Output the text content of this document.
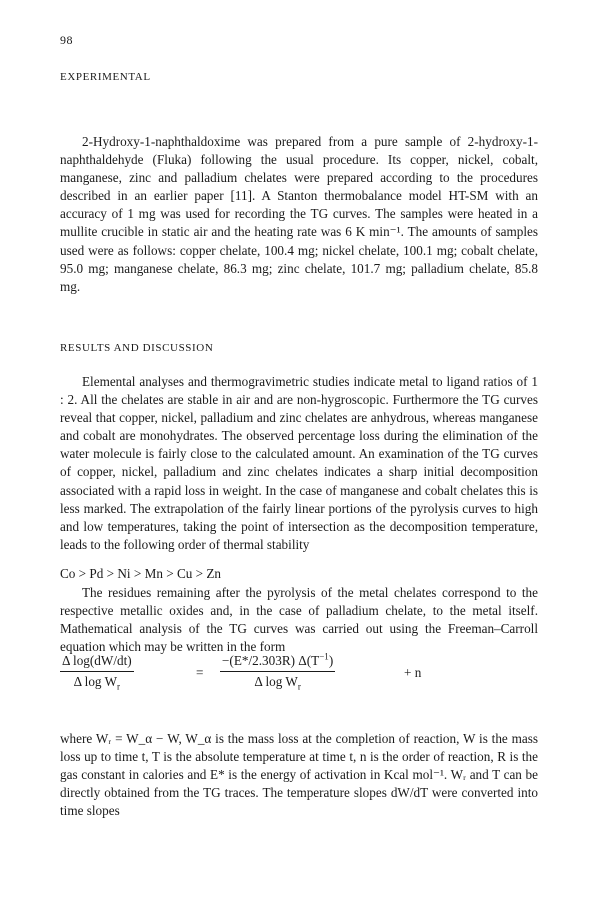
98
EXPERIMENTAL

2-Hydroxy-1-naphthaldoxime was prepared from a pure sample of 2-hydroxy-1-naphthaldehyde (Fluka) following the usual procedure. Its copper, nickel, cobalt, manganese, zinc and palladium chelates were prepared according to the procedures described in an earlier paper [11]. A Stanton thermobalance model HT-SM with an accuracy of 1 mg was used for recording the TG curves. The samples were heated in a mullite crucible in static air and the heating rate was 6 K min⁻¹. The amounts of samples used were as follows: copper chelate, 100.4 mg; nickel chelate, 100.1 mg; cobalt chelate, 95.0 mg; manganese chelate, 86.3 mg; zinc chelate, 101.7 mg; palladium chelate, 85.8 mg.

RESULTS AND DISCUSSION

Elemental analyses and thermogravimetric studies indicate metal to ligand ratios of 1 : 2. All the chelates are stable in air and are non-hygroscopic. Furthermore the TG curves reveal that copper, nickel, palladium and zinc chelates are anhydrous, whereas manganese and cobalt are monohydrates. The observed percentage loss during the elimination of the water molecule is fairly close to the calculated amount. An examination of the TG curves of copper, nickel, palladium and zinc chelates indicates a sharp initial decomposition associated with a rapid loss in weight. In the case of manganese and cobalt chelates this is less marked. The extrapolation of the fairly linear portions of the pyrolysis curves to high and low temperatures, taking the point of intersection as the decomposition temperature, leads to the following order of thermal stability

Co > Pd > Ni > Mn > Cu > Zn

The residues remaining after the pyrolysis of the metal chelates correspond to the respective metallic oxides and, in the case of palladium chelate, to the metal itself. Mathematical analysis of the TG curves was carried out using the Freeman–Carroll equation which may be written in the form

$\frac{\text{Δ log(dW/dt)}}{\Delta \log W_r}$	= $\frac{-(E*/2.303R) \Delta(T^{-1})}{\Delta \log W_r}$	+ n

where Wᵣ = W_α − W, W_α is the mass loss at the completion of reaction, W is the mass loss up to time t, T is the absolute temperature at time t, n is the order of reaction, R is the gas constant in calories and E* is the energy of activation in Kcal mol⁻¹. Wᵣ and T can be directly obtained from the TG traces. The temperature slopes dW/dT were converted into time slopes
